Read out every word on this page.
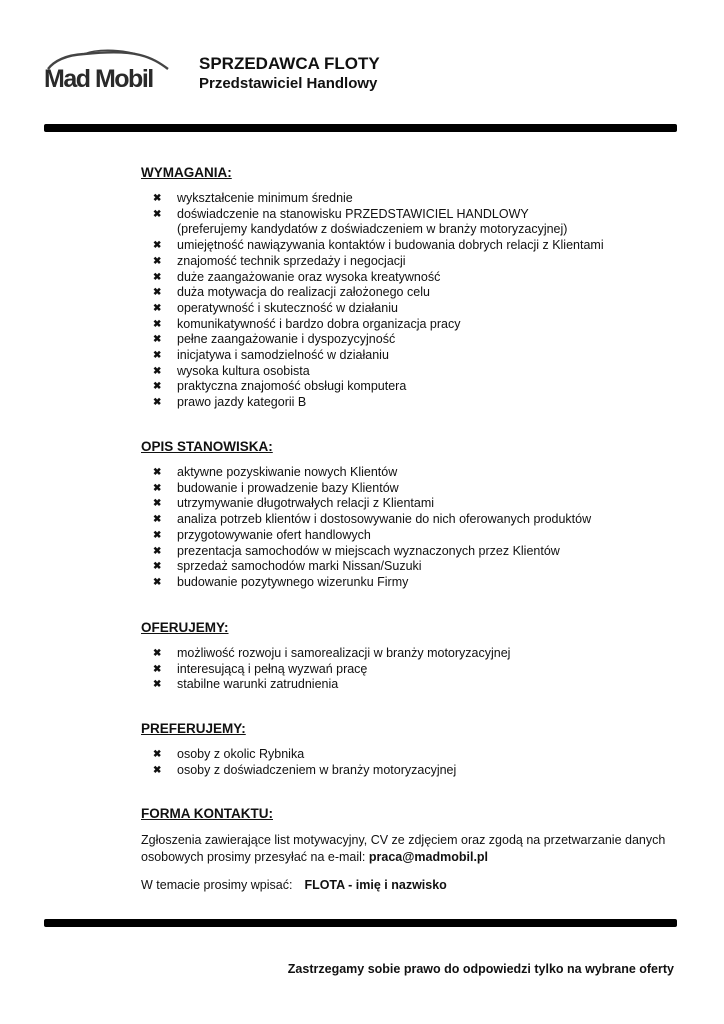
Mad Mobil
SPRZEDAWCA FLOTY
Przedstawiciel Handlowy
WYMAGANIA:
✖ wykształcenie minimum średnie
✖ doświadczenie na stanowisku PRZEDSTAWICIEL HANDLOWY
(preferujemy kandydatów z doświadczeniem w branży motoryzacyjnej)
✖ umiejętność nawiązywania kontaktów i budowania dobrych relacji z Klientami
✖ znajomość technik sprzedaży i negocjacji
✖ duże zaangażowanie oraz wysoka kreatywność
✖ duża motywacja do realizacji założonego celu
✖ operatywność i skuteczność w działaniu
✖ komunikatywność i bardzo dobra organizacja pracy
✖ pełne zaangażowanie i dyspozycyjność
✖ inicjatywa i samodzielność w działaniu
✖ wysoka kultura osobista
✖ praktyczna znajomość obsługi komputera
✖ prawo jazdy kategorii B
OPIS STANOWISKA:
✖ aktywne pozyskiwanie nowych Klientów
✖ budowanie i prowadzenie bazy Klientów
✖ utrzymywanie długotrwałych relacji z Klientami
✖ analiza potrzeb klientów i dostosowywanie do nich oferowanych produktów
✖ przygotowywanie ofert handlowych
✖ prezentacja samochodów w miejscach wyznaczonych przez Klientów
✖ sprzedaż samochodów marki Nissan/Suzuki
✖ budowanie pozytywnego wizerunku Firmy
OFERUJEMY:
✖ możliwość rozwoju i samorealizacji w branży motoryzacyjnej
✖ interesującą i pełną wyzwań pracę
✖ stabilne warunki zatrudnienia
PREFERUJEMY:
✖ osoby z okolic Rybnika
✖ osoby z doświadczeniem w branży motoryzacyjnej
FORMA KONTAKTU:

Zgłoszenia zawierające list motywacyjny, CV ze zdjęciem oraz zgodą na przetwarzanie danych osobowych prosimy przesyłać na e-mail: praca@madmobil.pl

W temacie prosimy wpisać: FLOTA - imię i nazwisko
Zastrzegamy sobie prawo do odpowiedzi tylko na wybrane oferty
